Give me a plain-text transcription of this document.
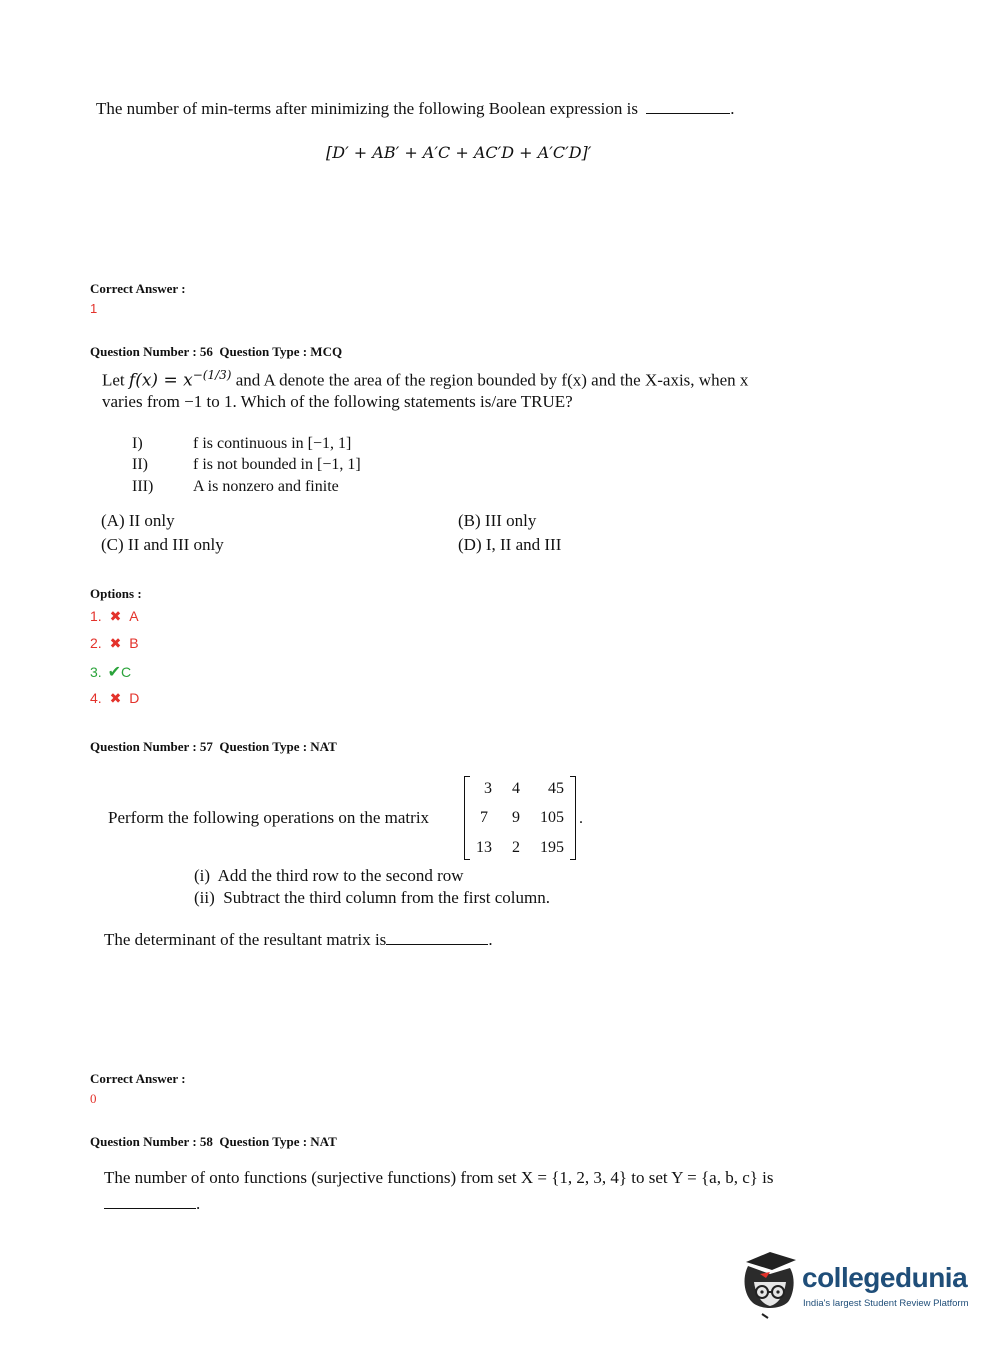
The number of min-terms after minimizing the following Boolean expression is	.
[D′ + AB′ + A′C + AC′D + A′C′D]′
Correct Answer :
1
Question Number : 56  Question Type : MCQ
Let $f(x) = x^{-(1/3)}$ and A denote the area of the region bounded by f(x) and the X-axis, when x
varies from −1 to 1. Which of the following statements is/are TRUE?
I)	f is continuous in [−1, 1]
II)	f is not bounded in [−1, 1]
III) A is nonzero and finite
(A) II only	(B) III only
(C) II and III only	(D) I, II and III
Options :
1. ✖ A
2. ✖ B
3. ✔C
4. ✖ D
Question Number : 57  Question Type : NAT
Perform the following operations on the matrix
3	4	45
7	9	105
13	2	195
.
(i)  Add the third row to the second row
(ii)  Subtract the third column from the first column.
The determinant of the resultant matrix is	.
Correct Answer :
0
Question Number : 58  Question Type : NAT
The number of onto functions (surjective functions) from set X = {1, 2, 3, 4} to set Y = {a, b, c} is
.
collegedunia
India's largest Student Review Platform
